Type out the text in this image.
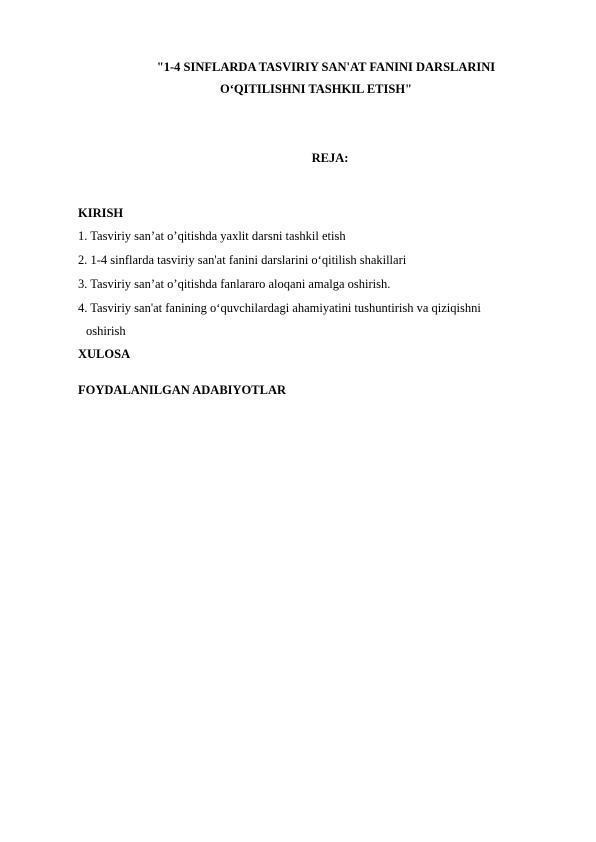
"1-4 SINFLARDA TASVIRIY SAN'AT FANINI DARSLARINI
O‘QITILISHNI TASHKIL ETISH"
REJA:
KIRISH
1. Tasviriy san’at o’qitishda yaxlit darsni tashkil etish
2. 1-4 sinflarda tasviriy san'at fanini darslarini o‘qitilish shakillari
3. Tasviriy san’at o’qitishda fanlararo aloqani amalga oshirish.
4. Tasviriy san'at fanining o‘quvchilardagi ahamiyatini tushuntirish va qiziqishni
oshirish
XULOSA
FOYDALANILGAN ADABIYOTLAR
